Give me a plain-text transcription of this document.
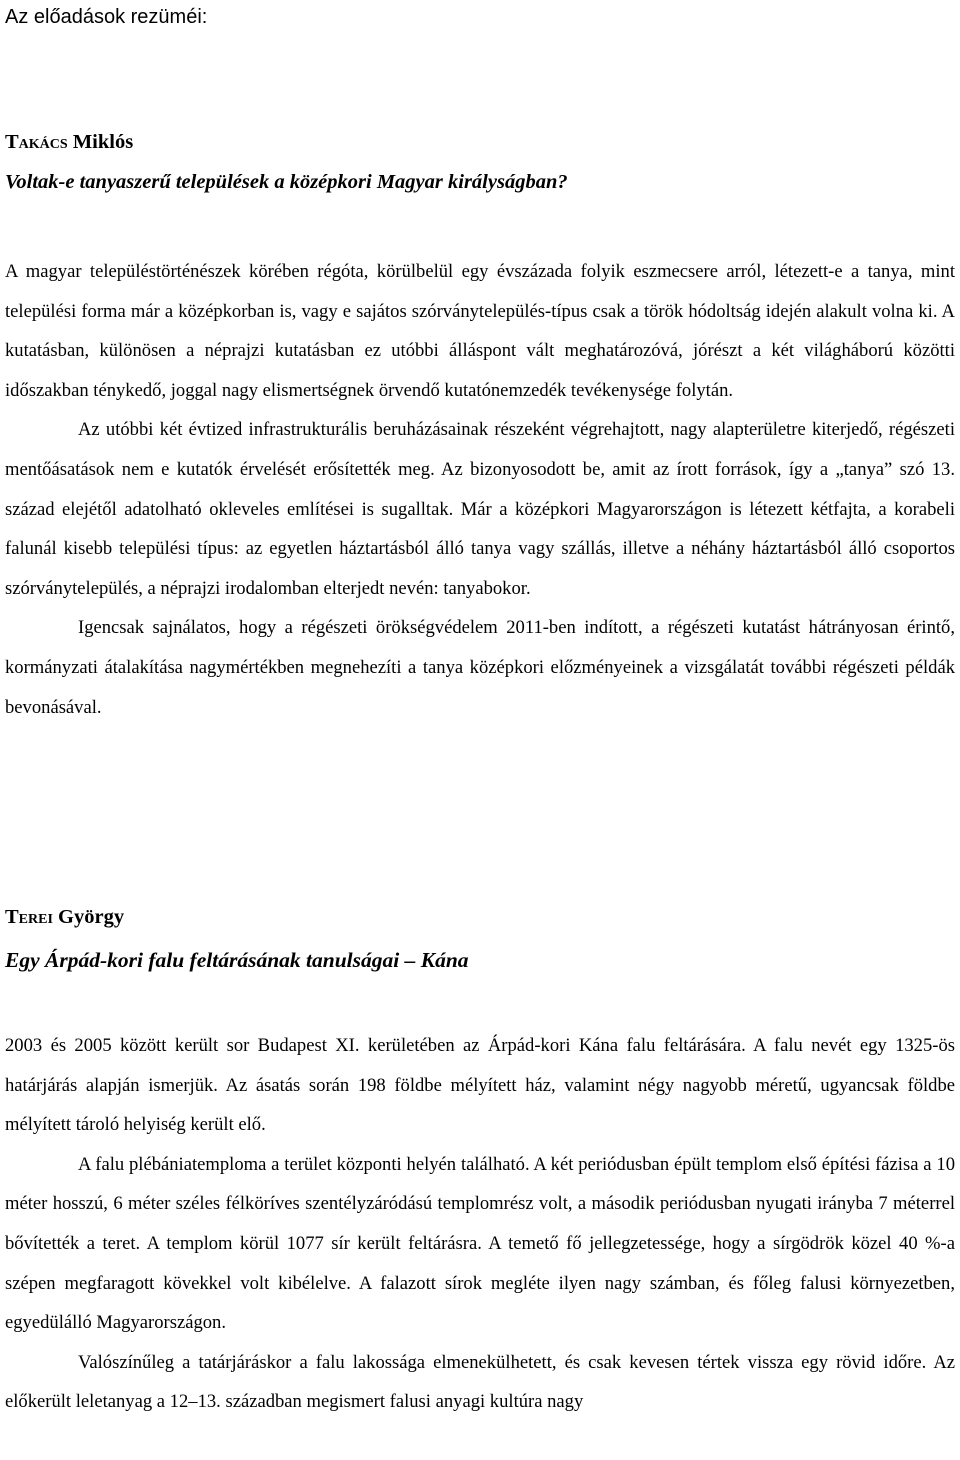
Az előadások rezüméi:
Takács Miklós
Voltak-e tanyaszerű települések a középkori Magyar királyságban?

A magyar településtörténészek körében régóta, körülbelül egy évszázada folyik eszmecsere arról, létezett-e a tanya, mint települési forma már a középkorban is, vagy e sajátos szórványtelepülés-típus csak a török hódoltság idején alakult volna ki. A kutatásban, különösen a néprajzi kutatásban ez utóbbi álláspont vált meghatározóvá, jórészt a két világháború közötti időszakban ténykedő, joggal nagy elismertségnek örvendő kutatónemzedék tevékenysége folytán.

Az utóbbi két évtized infrastrukturális beruházásainak részeként végrehajtott, nagy alapterületre kiterjedő, régészeti mentőásatások nem e kutatók érvelését erősítették meg. Az bizonyosodott be, amit az írott források, így a „tanya” szó 13. század elejétől adatolható okleveles említései is sugalltak. Már a középkori Magyarországon is létezett kétfajta, a korabeli falunál kisebb települési típus: az egyetlen háztartásból álló tanya vagy szállás, illetve a néhány háztartásból álló csoportos szórványtelepülés, a néprajzi irodalomban elterjedt nevén: tanyabokor.

Igencsak sajnálatos, hogy a régészeti örökségvédelem 2011-ben indított, a régészeti kutatást hátrányosan érintő, kormányzati átalakítása nagymértékben megnehezíti a tanya középkori előzményeinek a vizsgálatát további régészeti példák bevonásával.

Terei György
Egy Árpád-kori falu feltárásának tanulságai – Kána

2003 és 2005 között került sor Budapest XI. kerületében az Árpád-kori Kána falu feltárására. A falu nevét egy 1325-ös határjárás alapján ismerjük. Az ásatás során 198 földbe mélyített ház, valamint négy nagyobb méretű, ugyancsak földbe mélyített tároló helyiség került elő.

A falu plébániatemploma a terület központi helyén található. A két periódusban épült templom első építési fázisa a 10 méter hosszú, 6 méter széles félköríves szentélyzáródású templomrész volt, a második periódusban nyugati irányba 7 méterrel bővítették a teret. A templom körül 1077 sír került feltárásra. A temető fő jellegzetessége, hogy a sírgödrök közel 40 %-a szépen megfaragott kövekkel volt kibélelve. A falazott sírok megléte ilyen nagy számban, és főleg falusi környezetben, egyedülálló Magyarországon.

Valószínűleg a tatárjáráskor a falu lakossága elmenekülhetett, és csak kevesen tértek vissza egy rövid időre. Az előkerült leletanyag a 12–13. században megismert falusi anyagi kultúra nagy
